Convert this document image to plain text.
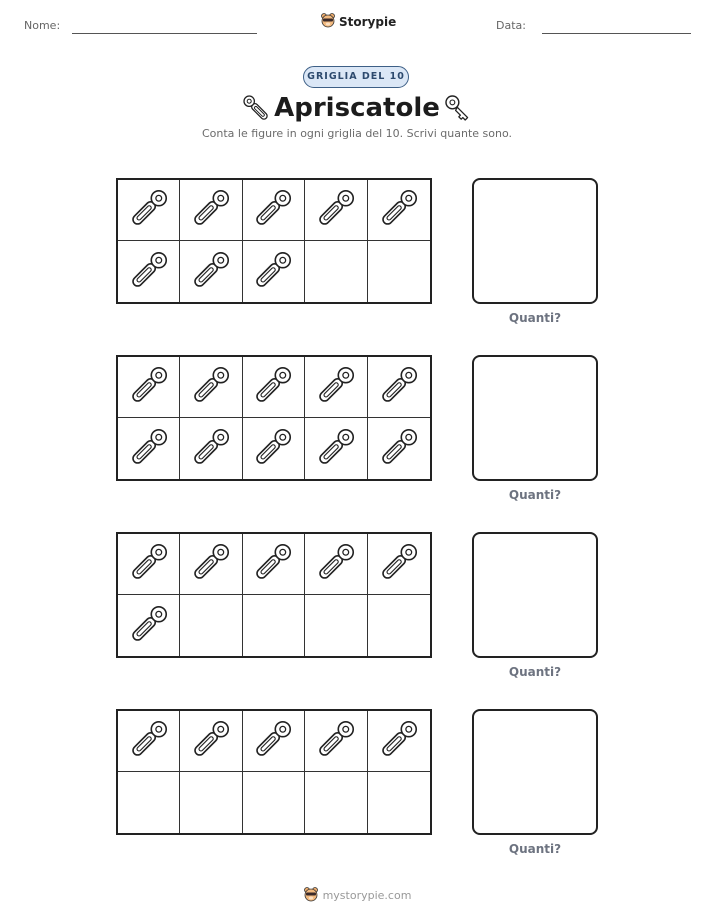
Nome:	Storypie	Data:
GRIGLIA DEL 10
Apriscatole
Conta le figure in ogni griglia del 10. Scrivi quante sono.
Quanti?
Quanti?
Quanti?
Quanti?
mystorypie.com
